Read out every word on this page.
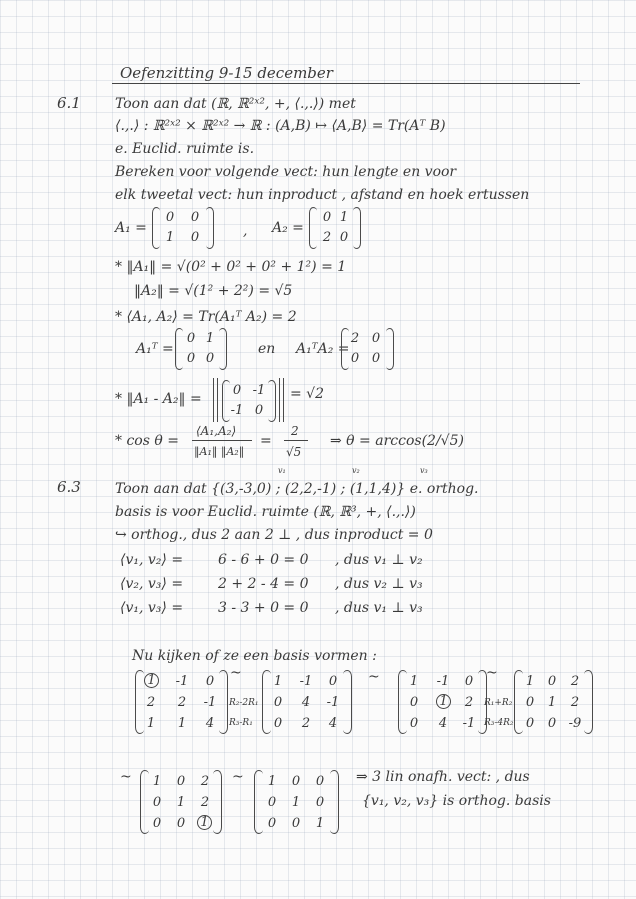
Oefenzitting 9-15 december
6.1 Toon aan dat (ℝ, ℝ²ˣ², +, ⟨.,.⟩) met
⟨.,.⟩ : ℝ²ˣ² × ℝ²ˣ² → ℝ : (A,B) ↦ ⟨A,B⟩ = Tr(Aᵀ B)
e. Euclid. ruimte is.
Bereken voor volgende vect: hun lengte en voor
elk tweetal vect: hun inproduct , afstand en hoek ertussen
A₁ =
0 0
1 0	, A₂ =
0 1
2 0
* ‖A₁‖ = √(0² + 0² + 0² + 1²) = 1
‖A₂‖ = √(1² + 2²) = √5
* ⟨A₁, A₂⟩ = Tr(A₁ᵀ A₂) = 2
A₁ᵀ =
0 1
0 0
en A₁ᵀA₂ =
2 0
0 0
* ‖A₁ - A₂‖ =
0 -1
-1 0
= √2
* cos θ =
⟨A₁,A₂⟩
‖A₁‖ ‖A₂‖
=
2
√5
⇒ θ = arccos(2/√5)
6.3
v₁	v₂	v₃
Toon aan dat {(3,-3,0) ; (2,2,-1) ; (1,1,4)} e. orthog.
basis is voor Euclid. ruimte (ℝ, ℝ³, +, ⟨.,.⟩)
↪ orthog., dus 2 aan 2 ⊥ , dus inproduct = 0
⟨v₁, v₂⟩ = 6 - 6 + 0 = 0 , dus v₁ ⊥ v₂
⟨v₂, v₃⟩ = 2 + 2 - 4 = 0 , dus v₂ ⊥ v₃
⟨v₁, v₃⟩ = 3 - 3 + 0 = 0 , dus v₁ ⊥ v₃
Nu kijken of ze een basis vormen :
1 -1 0
2 2 -1
1 1 4
~
R₂-2R₁
R₃-R₁
1 -1 0
0 4 -1
0 2 4
~ 1 -1 0
0 1 2
0 4 -1
~
R₁+R₂
R₃-4R₂
1 0 2
0 1 2
0 0 -9
~ 1 0 2
0 1 2
0 0 1
~ 1 0 0
0 1 0
0 0 1
⇒ 3 lin onafh. vect: , dus
{v₁, v₂, v₃} is orthog. basis
